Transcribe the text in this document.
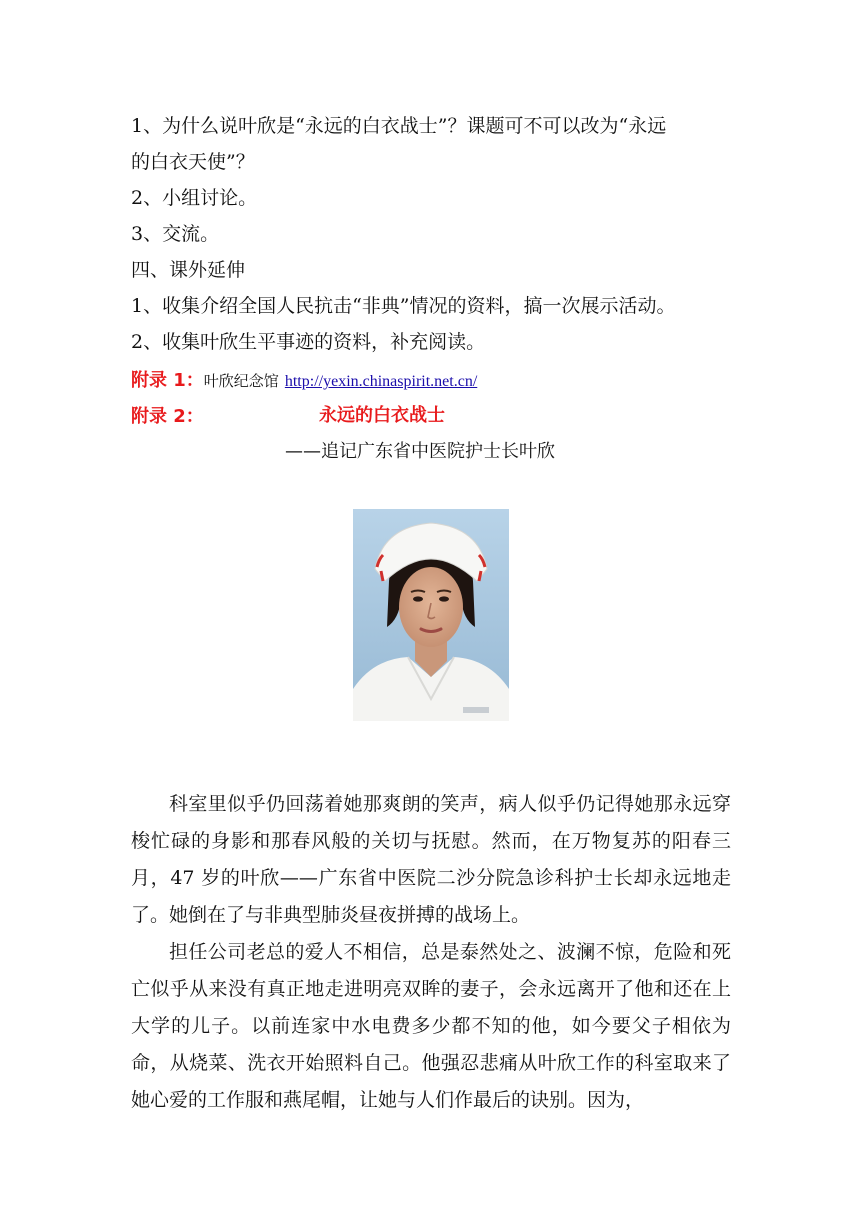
1、为什么说叶欣是“永远的白衣战士”？课题可不可以改为“永远
的白衣天使”？
2、小组讨论。
3、交流。
四、课外延伸
1、收集介绍全国人民抗击“非典”情况的资料，搞一次展示活动。
2、收集叶欣生平事迹的资料，补充阅读。
附录 1：叶欣纪念馆 http://yexin.chinaspirit.net.cn/
附录 2：	永远的白衣战士
——追记广东省中医院护士长叶欣

科室里似乎仍回荡着她那爽朗的笑声，病人似乎仍记得她那永远穿梭忙碌的身影和那春风般的关切与抚慰。然而，在万物复苏的阳春三月，47 岁的叶欣——广东省中医院二沙分院急诊科护士长却永远地走了。她倒在了与非典型肺炎昼夜拼搏的战场上。

担任公司老总的爱人不相信，总是泰然处之、波澜不惊，危险和死亡似乎从来没有真正地走进明亮双眸的妻子，会永远离开了他和还在上大学的儿子。以前连家中水电费多少都不知的他，如今要父子相依为命，从烧菜、洗衣开始照料自己。他强忍悲痛从叶欣工作的科室取来了她心爱的工作服和燕尾帽，让她与人们作最后的诀别。因为，
